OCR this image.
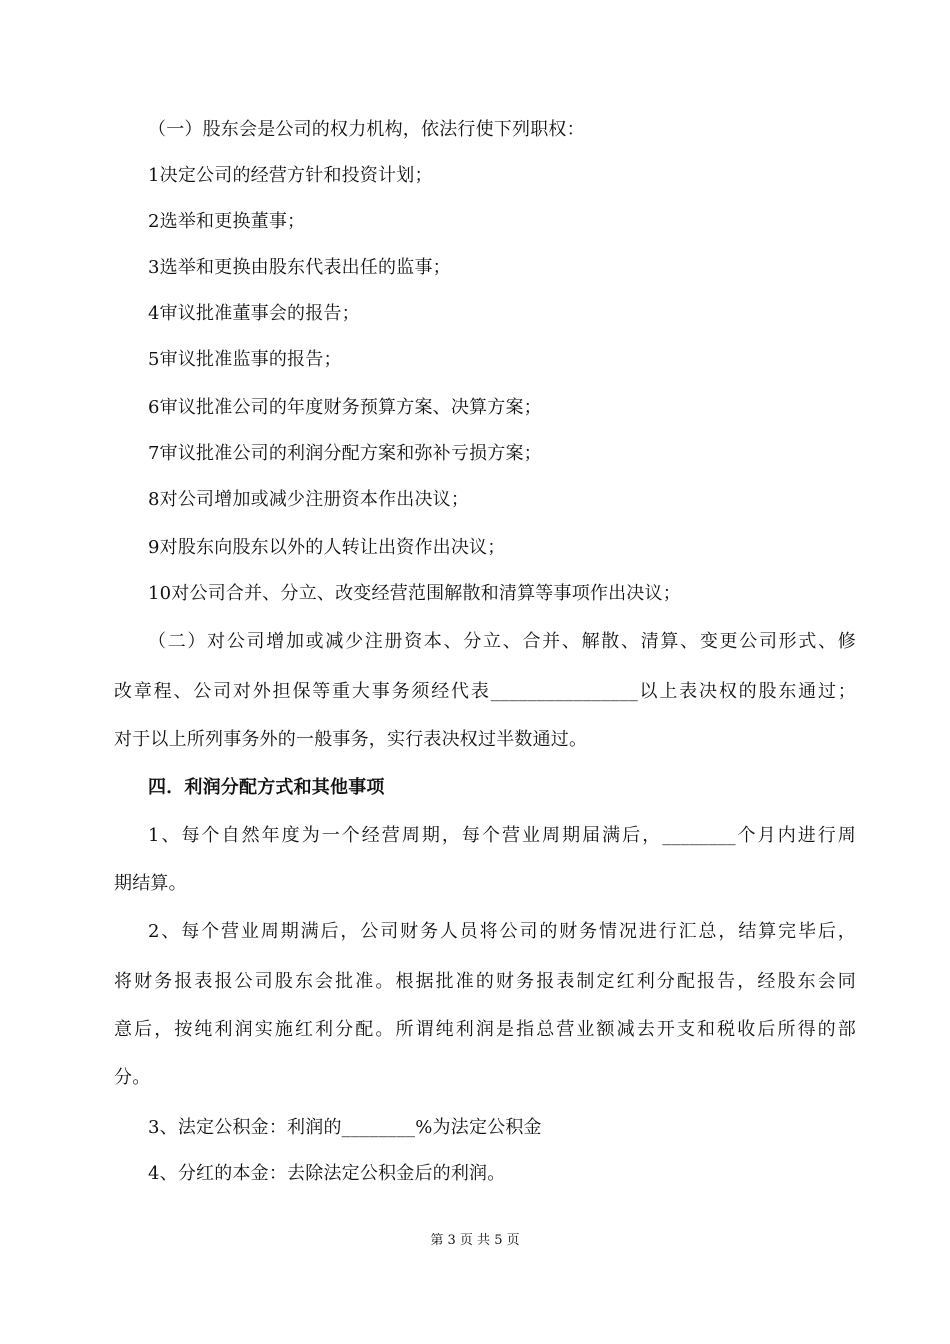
（一）股东会是公司的权力机构，依法行使下列职权：
1决定公司的经营方针和投资计划；
2选举和更换董事；
3选举和更换由股东代表出任的监事；
4审议批准董事会的报告；
5审议批准监事的报告；
6审议批准公司的年度财务预算方案、决算方案；
7审议批准公司的利润分配方案和弥补亏损方案；
8对公司增加或减少注册资本作出决议；
9对股东向股东以外的人转让出资作出决议；
10对公司合并、分立、改变经营范围解散和清算等事项作出决议；
（二）对公司增加或减少注册资本、分立、合并、解散、清算、变更公司形式、修
改章程、公司对外担保等重大事务须经代表________________以上表决权的股东通过；
对于以上所列事务外的一般事务，实行表决权过半数通过。
四．利润分配方式和其他事项
1、每个自然年度为一个经营周期，每个营业周期届满后，________个月内进行周
期结算。
2、每个营业周期满后，公司财务人员将公司的财务情况进行汇总，结算完毕后，
将财务报表报公司股东会批准。根据批准的财务报表制定红利分配报告，经股东会同
意后，按纯利润实施红利分配。所谓纯利润是指总营业额减去开支和税收后所得的部
分。
3、法定公积金：利润的________%为法定公积金
4、分红的本金：去除法定公积金后的利润。
第 3 页 共 5 页
